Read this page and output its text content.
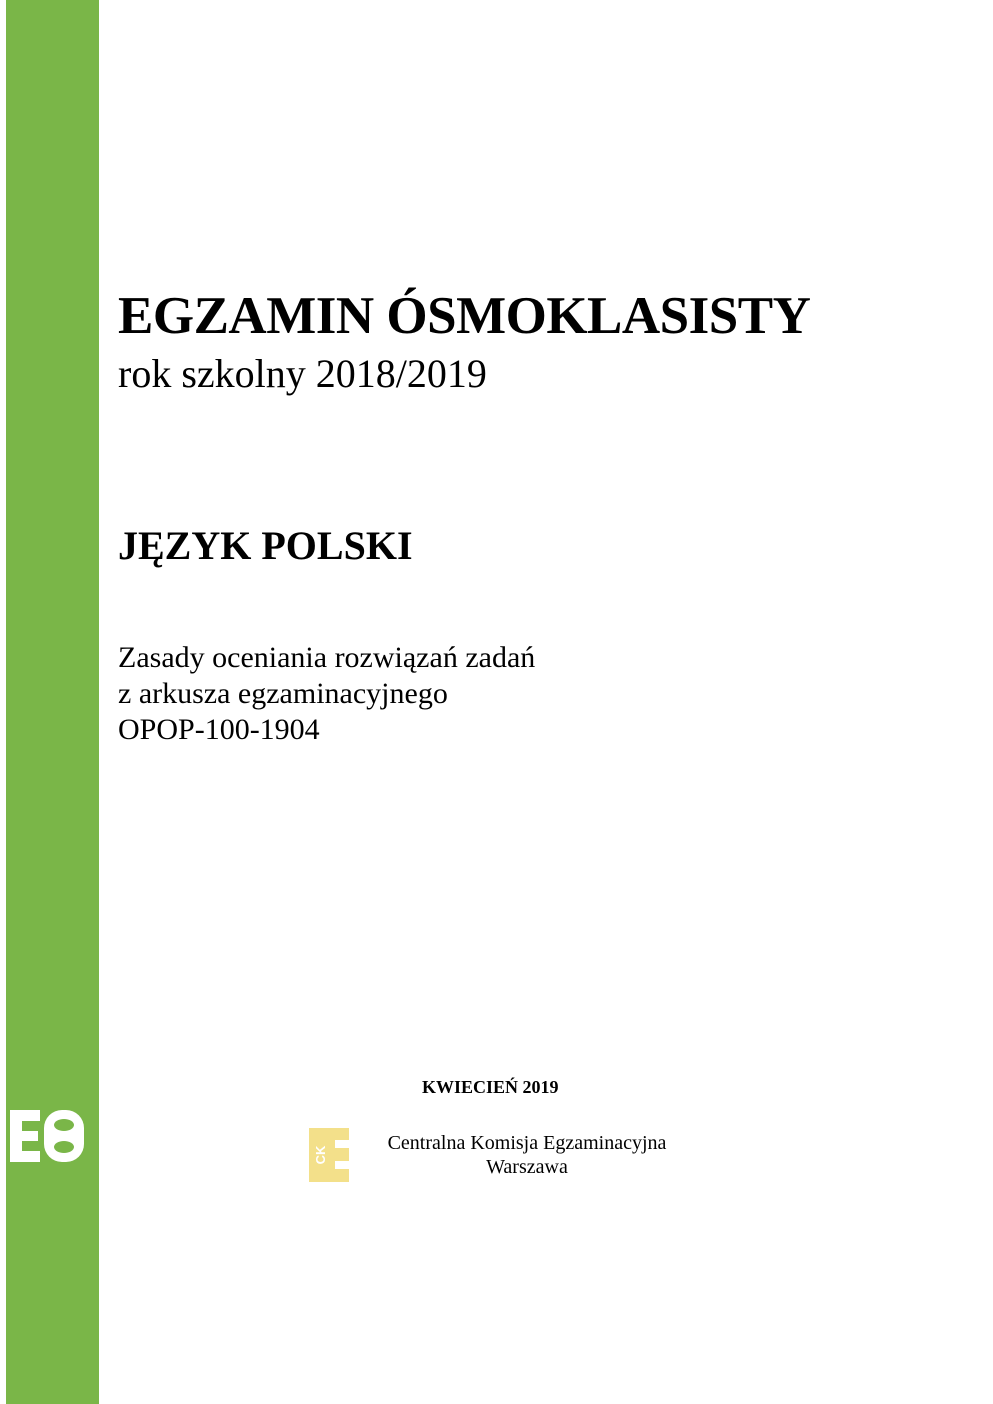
EGZAMIN ÓSMOKLASISTY
rok szkolny 2018/2019
JĘZYK POLSKI
Zasady oceniania rozwiązań zadań
z arkusza egzaminacyjnego
OPOP-100-1904
KWIECIEŃ 2019
CK
Centralna Komisja Egzaminacyjna
Warszawa
